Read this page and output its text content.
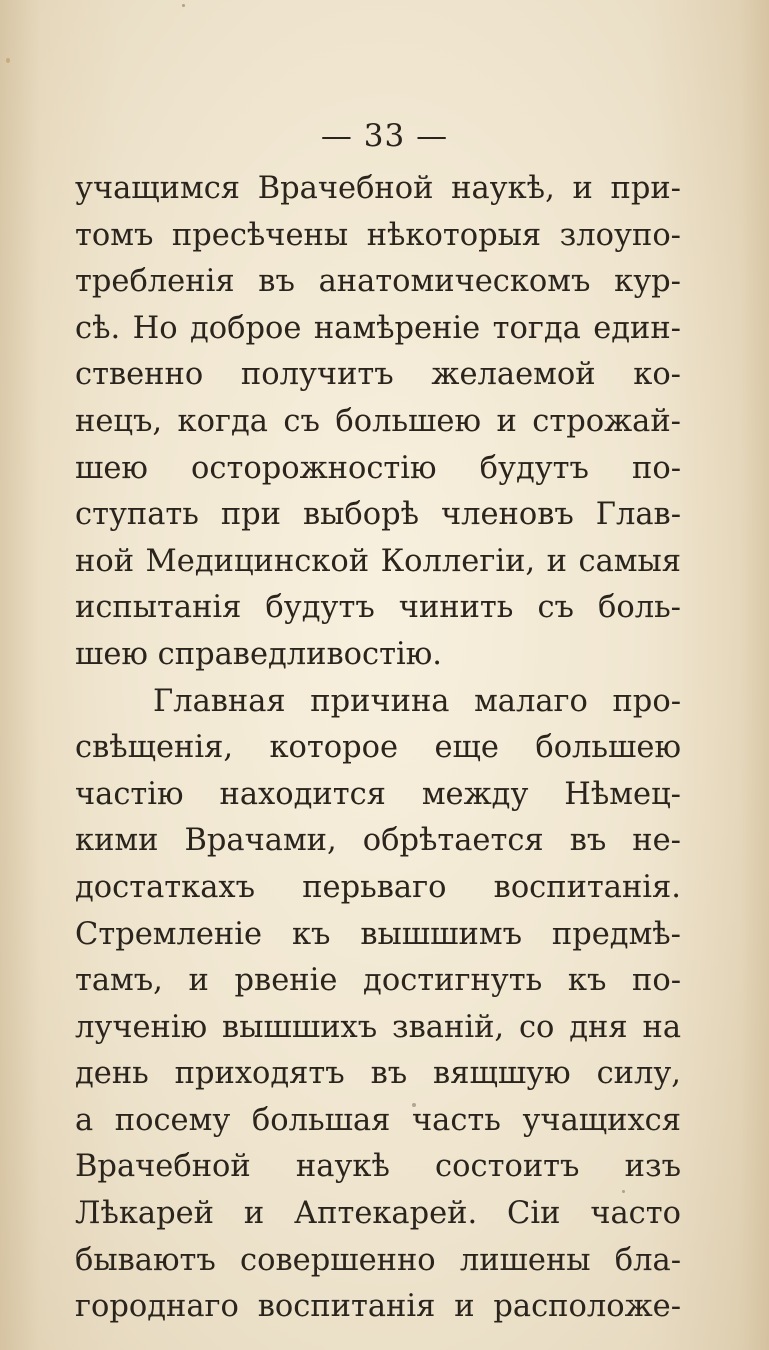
— 33 —
учащимся Врачебной наукѣ, и при-
томъ пресѣчены нѣкоторыя злоупо-
требленія въ анатомическомъ кур-
сѣ. Но доброе намѣреніе тогда един-
ственно получитъ желаемой ко-
нецъ, когда съ большею и строжай-
шею осторожностію будутъ по-
ступать при выборѣ членовъ Глав-
ной Медицинской Коллегіи, и самыя
испытанія будутъ чинить съ боль-
шею справедливостію.
Главная причина малаго про-
свѣщенія, которое еще большею
частію находится между Нѣмец-
кими Врачами, обрѣтается въ не-
достаткахъ перьваго воспитанія.
Стремленіе къ вышшимъ предмѣ-
тамъ, и рвеніе достигнуть къ по-
лученію вышшихъ званій, со дня на
день приходятъ въ вящшую силу,
а посему большая часть учащихся
Врачебной наукѣ состоитъ изъ
Лѣкарей и Аптекарей. Сіи часто
бываютъ совершенно лишены бла-
городнаго воспитанія и расположе-
